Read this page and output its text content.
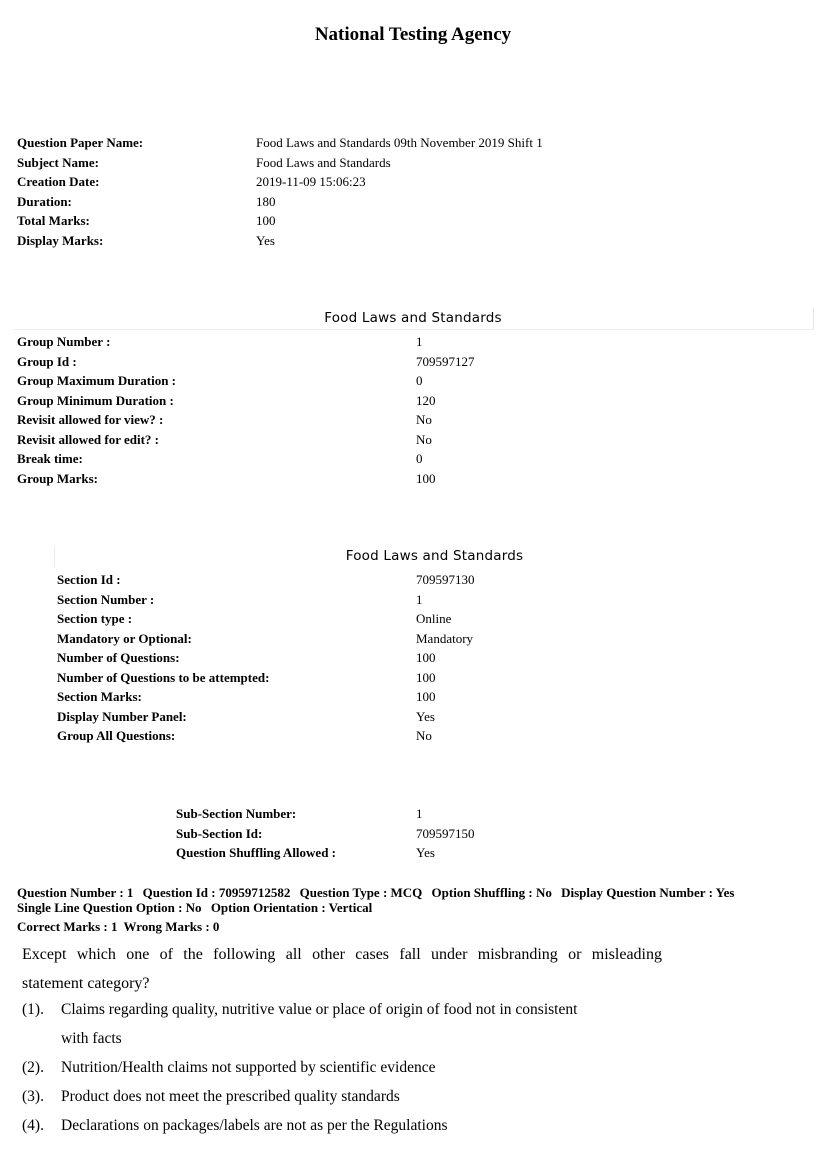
National Testing Agency
Question Paper Name:	Food Laws and Standards 09th November 2019 Shift 1
Subject Name:	Food Laws and Standards
Creation Date:	2019-11-09 15:06:23
Duration:	180
Total Marks:	100
Display Marks:	Yes
Food Laws and Standards
Group Number :	1
Group Id :	709597127
Group Maximum Duration :	0
Group Minimum Duration :	120
Revisit allowed for view? :	No
Revisit allowed for edit? :	No
Break time:	0
Group Marks:	100
Food Laws and Standards
Section Id :	709597130
Section Number :	1
Section type :	Online
Mandatory or Optional:	Mandatory
Number of Questions:	100
Number of Questions to be attempted:	100
Section Marks:	100
Display Number Panel:	Yes
Group All Questions:	No
Sub-Section Number:	1
Sub-Section Id:	709597150
Question Shuffling Allowed :	Yes
Question Number : 1 Question Id : 70959712582 Question Type : MCQ Option Shuffling : No Display Question Number : Yes
Single Line Question Option : No Option Orientation : Vertical
Correct Marks : 1 Wrong Marks : 0
Except which one of the following all other cases fall under misbranding or misleading
statement category?
(1). Claims regarding quality, nutritive value or place of origin of food not in consistent
with facts
(2). Nutrition/Health claims not supported by scientific evidence
(3). Product does not meet the prescribed quality standards
(4). Declarations on packages/labels are not as per the Regulations
